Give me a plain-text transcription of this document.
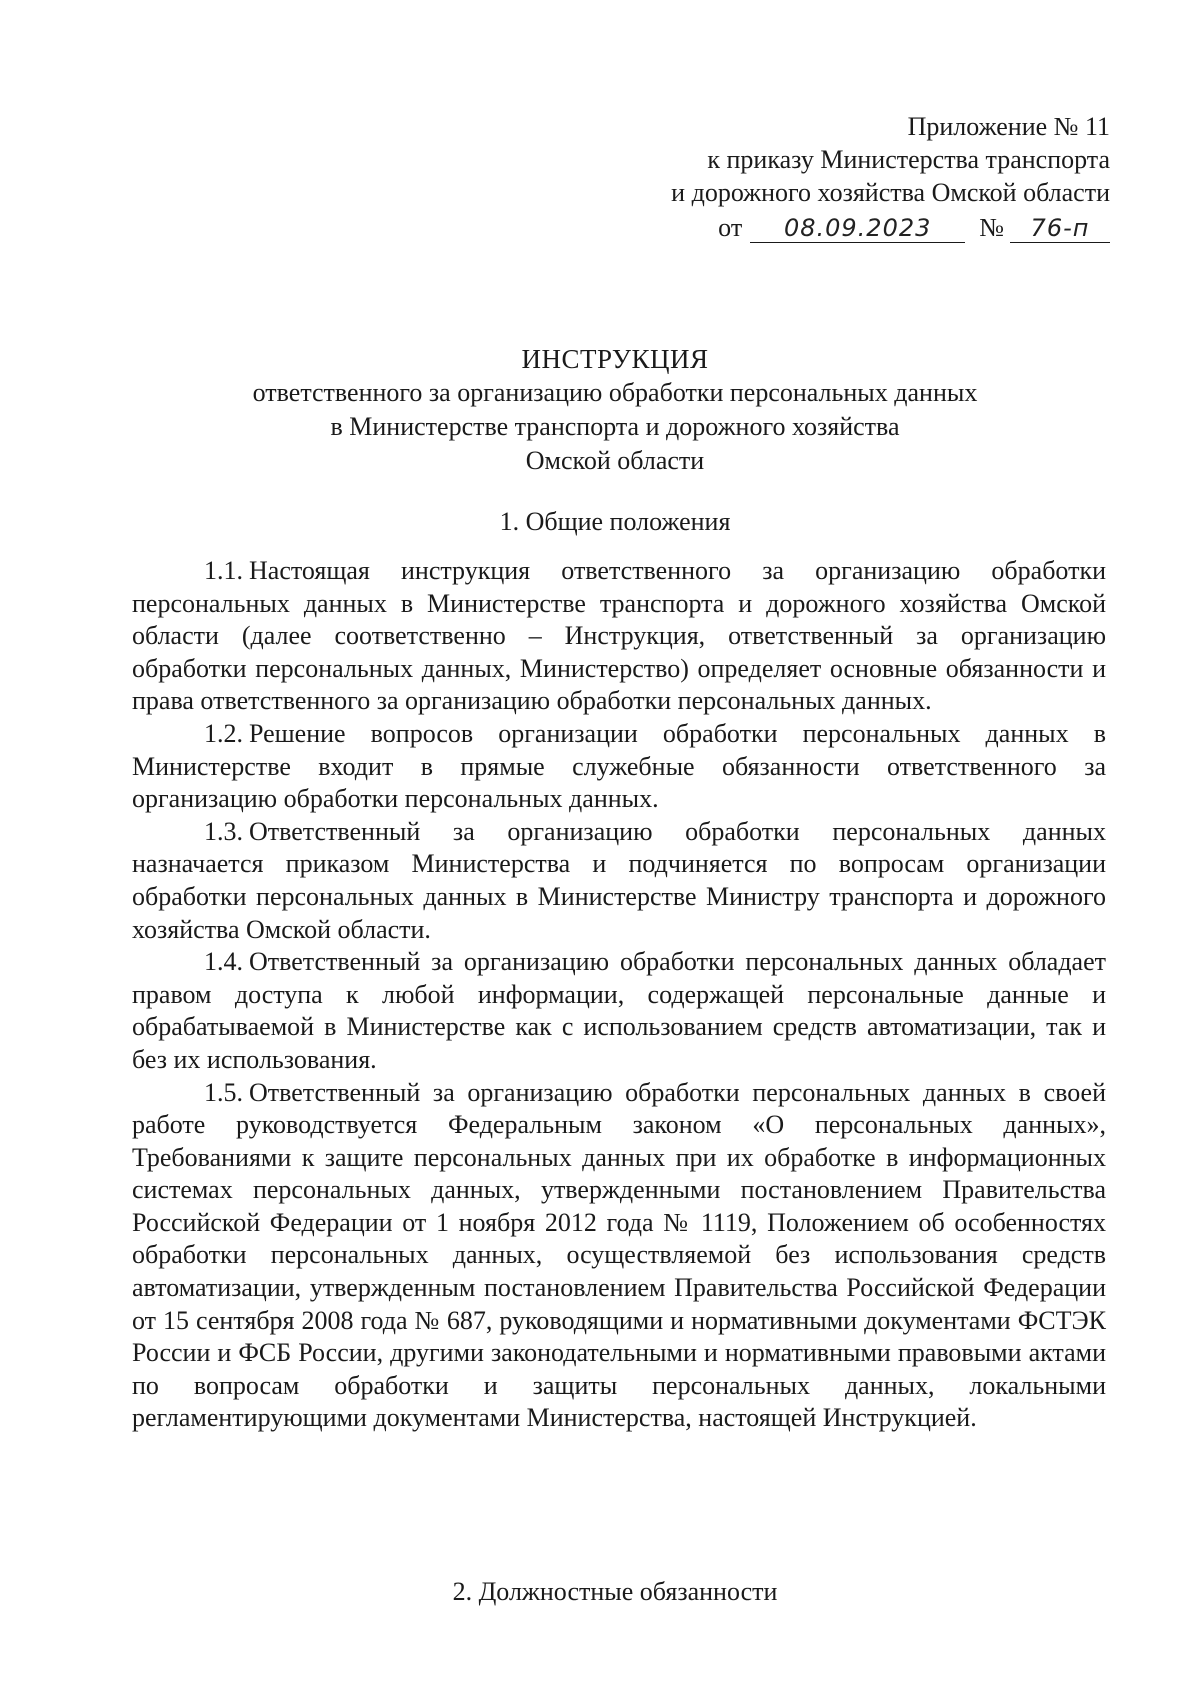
Приложение № 11
к приказу Министерства транспорта
и дорожного хозяйства Омской области
от	08.09.2023	№	76-п
ИНСТРУКЦИЯ
ответственного за организацию обработки персональных данных
в Министерстве транспорта и дорожного хозяйства
Омской области
1. Общие положения

1.1. Настоящая инструкция ответственного за организацию обработки персональных данных в Министерстве транспорта и дорожного хозяйства Омской области (далее соответственно – Инструкция, ответственный за организацию обработки персональных данных, Министерство) определяет основные обязанности и права ответственного за организацию обработки персональных данных.

1.2. Решение вопросов организации обработки персональных данных в Министерстве входит в прямые служебные обязанности ответственного за организацию обработки персональных данных.

1.3. Ответственный за организацию обработки персональных данных назначается приказом Министерства и подчиняется по вопросам организации обработки персональных данных в Министерстве Министру транспорта и дорожного хозяйства Омской области.

1.4. Ответственный за организацию обработки персональных данных обладает правом доступа к любой информации, содержащей персональные данные и обрабатываемой в Министерстве как с использованием средств автоматизации, так и без их использования.

1.5. Ответственный за организацию обработки персональных данных в своей работе руководствуется Федеральным законом «О персональных данных», Требованиями к защите персональных данных при их обработке в информационных системах персональных данных, утвержденными постановлением Правительства Российской Федерации от 1 ноября 2012 года № 1119, Положением об особенностях обработки персональных данных, осуществляемой без использования средств автоматизации, утвержденным постановлением Правительства Российской Федерации от 15 сентября 2008 года № 687, руководящими и нормативными документами ФСТЭК России и ФСБ России, другими законодательными и нормативными правовыми актами по вопросам обработки и защиты персональных данных, локальными регламентирующими документами Министерства, настоящей Инструкцией.

2. Должностные обязанности
